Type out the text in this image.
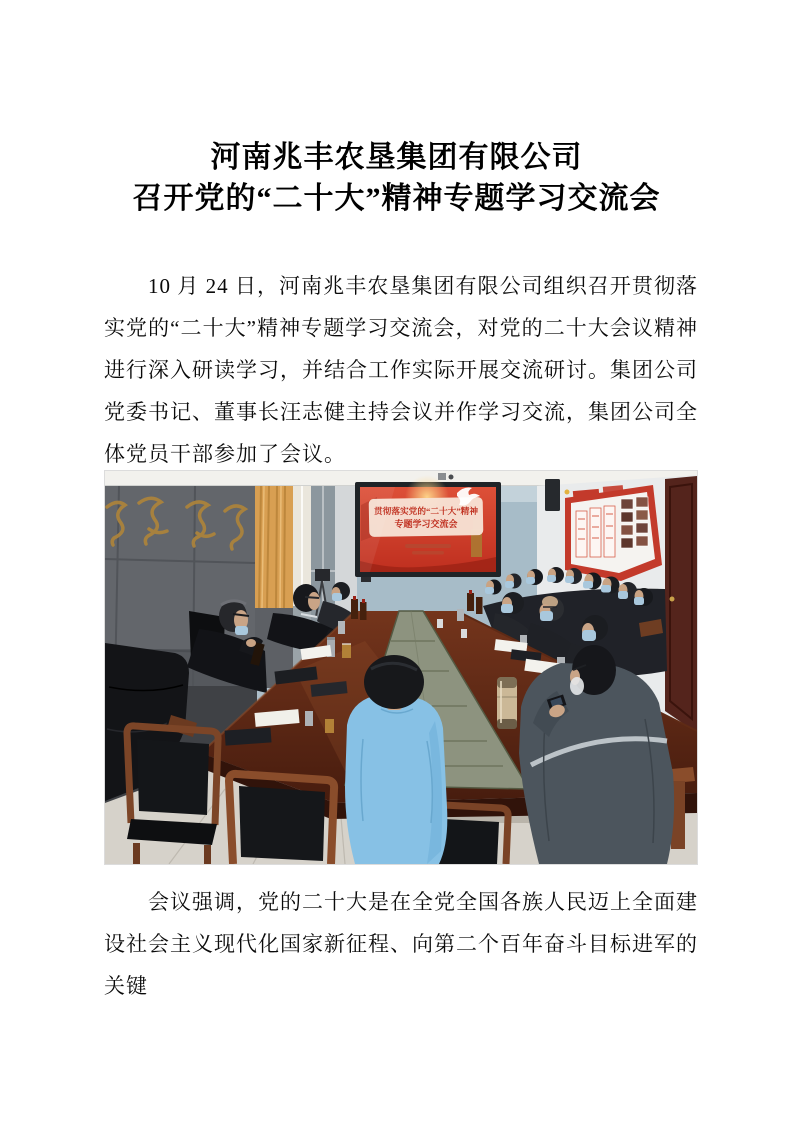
河南兆丰农垦集团有限公司
召开党的“二十大”精神专题学习交流会

10 月 24 日，河南兆丰农垦集团有限公司组织召开贯彻落实党的“二十大”精神专题学习交流会，对党的二十大会议精神进行深入研读学习，并结合工作实际开展交流研讨。集团公司党委书记、董事长汪志健主持会议并作学习交流，集团公司全体党员干部参加了会议。

贯彻落实党的“二十大”精神
专题学习交流会

会议强调，党的二十大是在全党全国各族人民迈上全面建设社会主义现代化国家新征程、向第二个百年奋斗目标进军的关键
